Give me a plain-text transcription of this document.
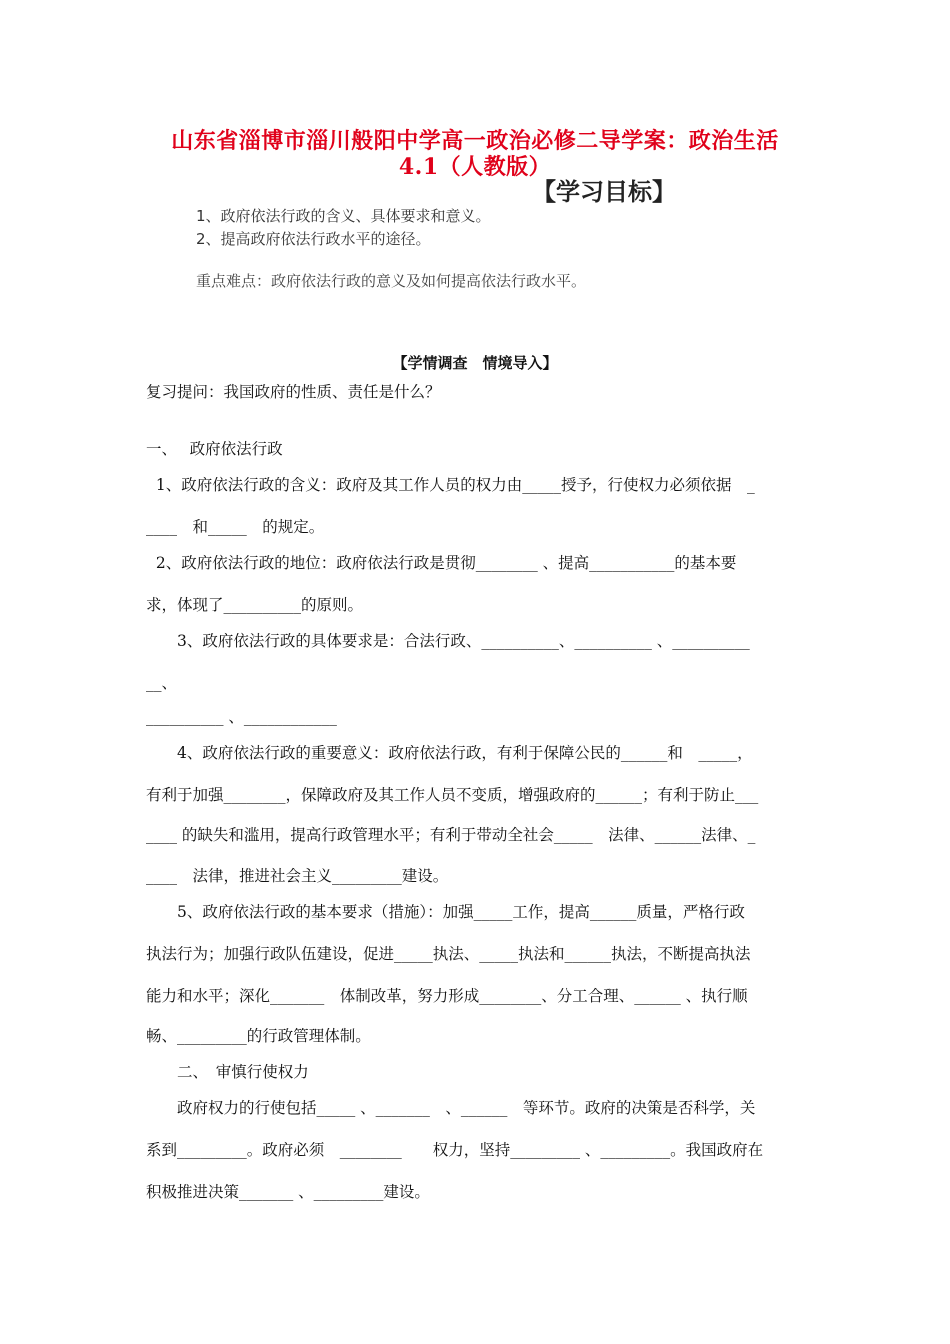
山东省淄博市淄川般阳中学高一政治必修二导学案：政治生活
4.1（人教版）
【学习目标】
1、政府依法行政的含义、具体要求和意义。
2、提高政府依法行政水平的途径。
重点难点：政府依法行政的意义及如何提高依法行政水平。
【学情调查　情境导入】
复习提问：我国政府的性质、责任是什么？
一、　 政府依法行政
1、政府依法行政的含义：政府及其工作人员的权力由_____授予，行使权力必须依据　_
____　和_____　的规定。
2、政府依法行政的地位：政府依法行政是贯彻________ 、提高___________的基本要
求，体现了__________的原则。
　　3、政府依法行政的具体要求是：合法行政、__________、__________ 、__________
__、
__________ 、____________
　　4、政府依法行政的重要意义：政府依法行政，有利于保障公民的______和　_____，
有利于加强________，保障政府及其工作人员不变质，增强政府的______；有利于防止___
____ 的缺失和滥用，提高行政管理水平；有利于带动全社会_____　法律、______法律、_
____　法律，推进社会主义_________建设。
　　5、政府依法行政的基本要求（措施）：加强_____工作，提高______质量，严格行政
执法行为；加强行政队伍建设，促进_____执法、_____执法和______执法，不断提高执法
能力和水平；深化_______　体制改革，努力形成________、分工合理、______ 、执行顺
畅、_________的行政管理体制。
　　二、　审慎行使权力
　　政府权力的行使包括_____ 、_______　、______　等环节。政府的决策是否科学，关
系到_________。政府必须　________　　权力，坚持_________ 、_________。我国政府在
积极推进决策_______ 、_________建设。
